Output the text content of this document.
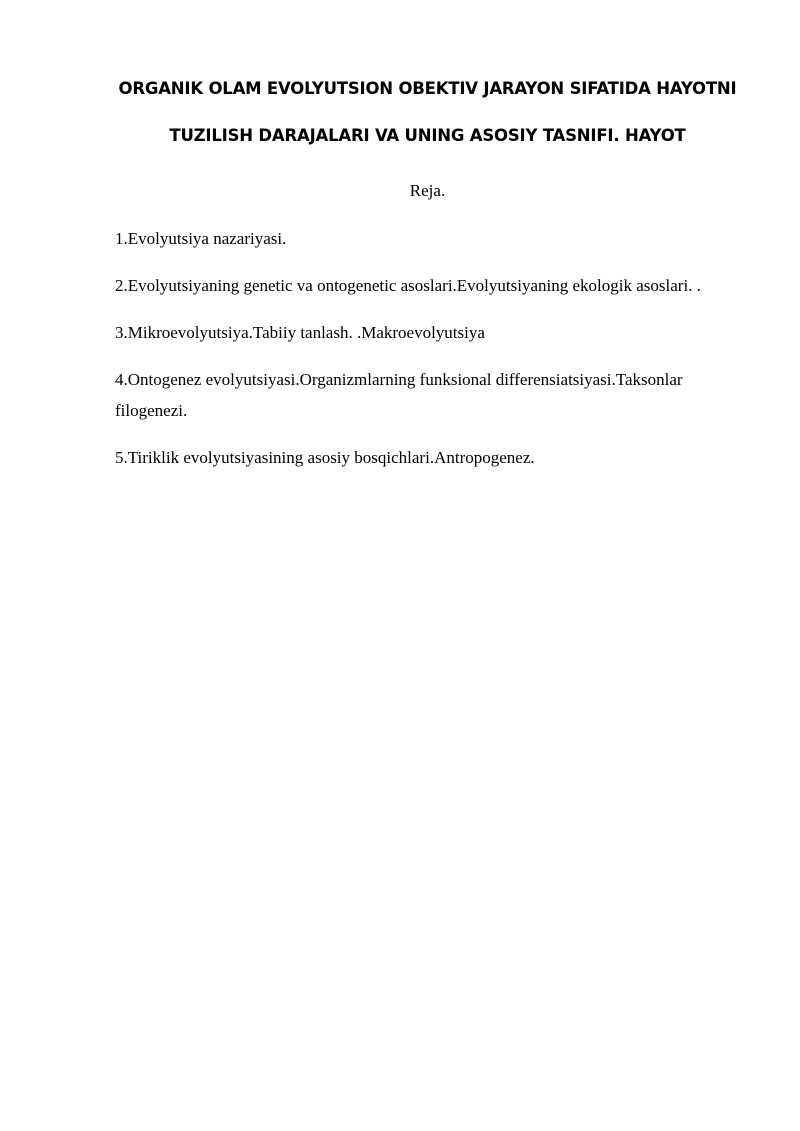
ORGANIK OLAM EVOLYUTSION OBEKTIV JARAYON SIFATIDA HAYOTNI
TUZILISH DARAJALARI VA UNING ASOSIY TASNIFI. HAYOT

Reja.

1.Evolyutsiya nazariyasi.
2.Evolyutsiyaning genetic va ontogenetic asoslari.Evolyutsiyaning ekologik asoslari. .
3.Mikroevolyutsiya.Tabiiy tanlash. .Makroevolyutsiya
4.Ontogenez evolyutsiyasi.Organizmlarning funksional differensiatsiyasi.Taksonlar filogenezi.
5.Tiriklik evolyutsiyasining asosiy bosqichlari.Antropogenez.
